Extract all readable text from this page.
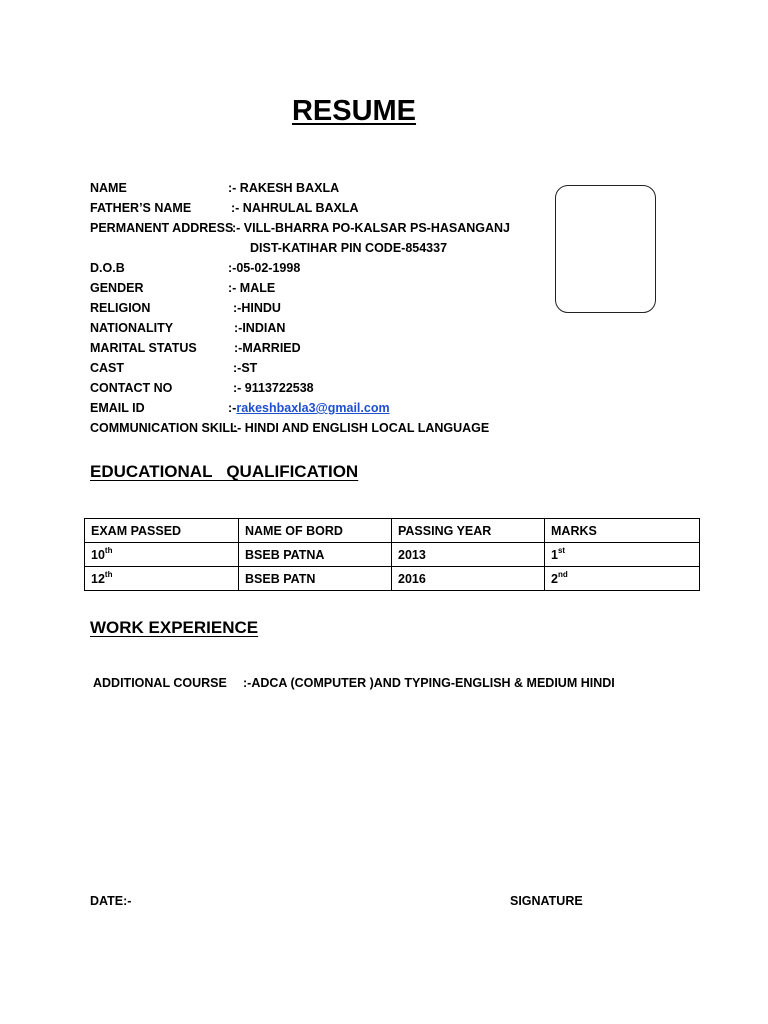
RESUME
NAME	:- RAKESH BAXLA
FATHER’S NAME	:- NAHRULAL BAXLA
PERMANENT ADDRESS
:- VILL-BHARRA PO-KALSAR PS-HASANGANJ
DIST-KATIHAR PIN CODE-854337
D.O.B	:-05-02-1998
GENDER	:- MALE
RELIGION	:-HINDU
NATIONALITY	:-INDIAN
MARITAL STATUS	:-MARRIED
CAST	:-ST
CONTACT NO	:- 9113722538
EMAIL ID	:-rakeshbaxla3@gmail.com
COMMUNICATION SKILL
:- HINDI AND ENGLISH LOCAL LANGUAGE
EDUCATIONAL   QUALIFICATION
EXAM PASSED	NAME OF BORD	PASSING YEAR	MARKS
10th	BSEB PATNA	2013	1st
12th	BSEB PATN	2016	2nd
WORK EXPERIENCE
ADDITIONAL COURSE :-ADCA (COMPUTER )AND TYPING-ENGLISH & MEDIUM HINDI
DATE:-	SIGNATURE
